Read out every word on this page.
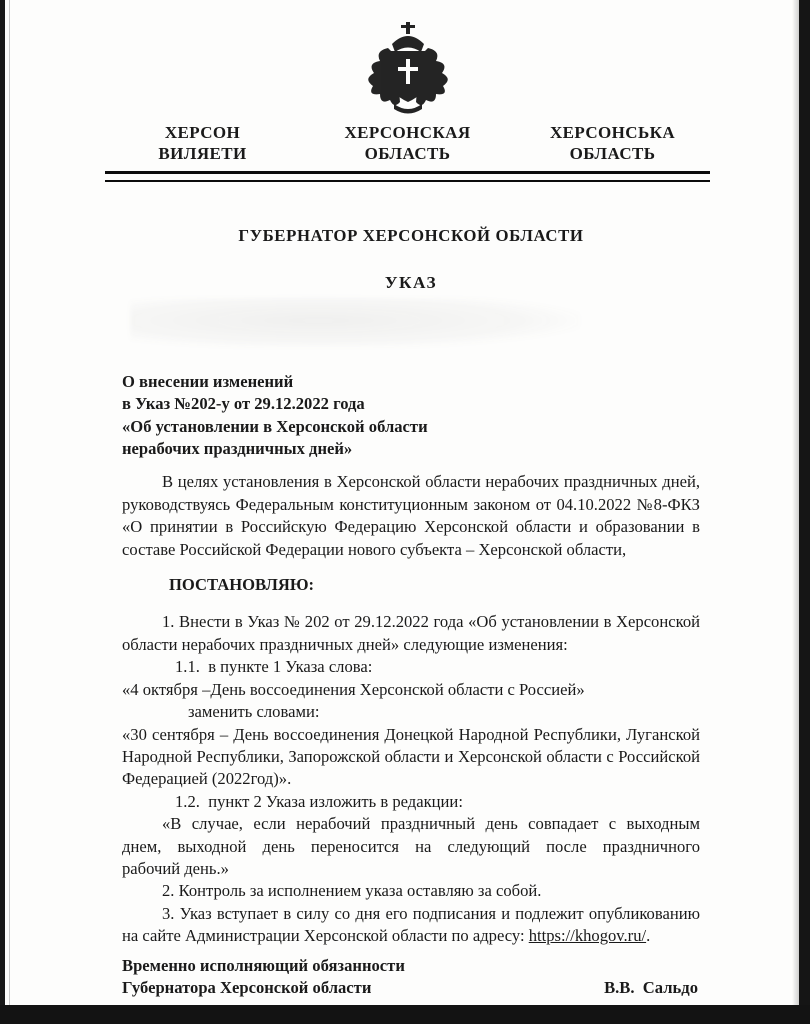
ХЕРСОН
ВИЛЯЕТИ
ХЕРСОНСКАЯ
ОБЛАСТЬ
ХЕРСОНСЬКА
ОБЛАСТЬ
ГУБЕРНАТОР ХЕРСОНСКОЙ ОБЛАСТИ
УКАЗ
О внесении изменений
в Указ №202-у от 29.12.2022 года
«Об установлении в Херсонской области
нерабочих праздничных дней»
В целях установления в Херсонской области нерабочих праздничных дней,
руководствуясь Федеральным конституционным законом от 04.10.2022 №8-ФКЗ
«О принятии в Российскую Федерацию Херсонской области и образовании в
составе Российской Федерации нового субъекта – Херсонской области,
ПОСТАНОВЛЯЮ:
1. Внести в Указ № 202 от 29.12.2022 года «Об установлении в Херсонской
области нерабочих праздничных дней» следующие изменения:
1.1.  в пункте 1 Указа слова:
«4 октября –День воссоединения Херсонской области с Россией»
заменить словами:
«30 сентября – День воссоединения Донецкой Народной Республики, Луганской
Народной Республики, Запорожской области и Херсонской области с Российской
Федерацией (2022год)».
1.2.  пункт 2 Указа изложить в редакции:
«В случае, если нерабочий праздничный день совпадает с выходным
днем, выходной день переносится на следующий после праздничного
рабочий день.»
2. Контроль за исполнением указа оставляю за собой.
3. Указ вступает в силу со дня его подписания и подлежит опубликованию
на сайте Администрации Херсонской области по адресу: https://khogov.ru/.
Временно исполняющий обязанности
Губернатора Херсонской области	В.В.  Сальдо
